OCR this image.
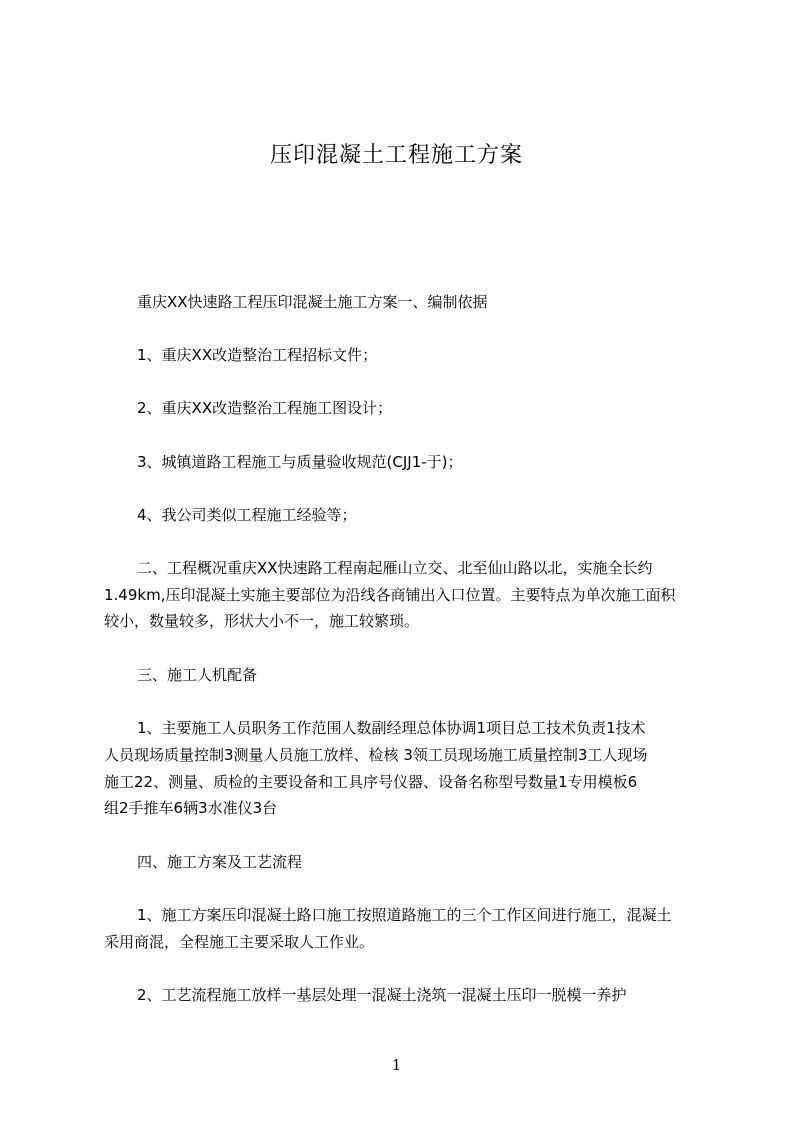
压印混凝土工程施工方案
重庆XX快速路工程压印混凝土施工方案一、编制依据
1、重庆XX改造整治工程招标文件；
2、重庆XX改造整治工程施工图设计；
3、城镇道路工程施工与质量验收规范(CJJ1-于)；
4、我公司类似工程施工经验等；
二、工程概况重庆XX快速路工程南起雁山立交、北至仙山路以北，实施全长约
1.49km,压印混凝土实施主要部位为沿线各商铺出入口位置。主要特点为单次施工面积
较小，数量较多，形状大小不一，施工较繁琐。
三、施工人机配备
1、主要施工人员职务工作范围人数副经理总体协调1项目总工技术负责1技术
人员现场质量控制3测量人员施工放样、检核 3领工员现场施工质量控制3工人现场
施工22、测量、质检的主要设备和工具序号仪器、设备名称型号数量1专用模板6
组2手推车6辆3水准仪3台
四、施工方案及工艺流程
1、施工方案压印混凝土路口施工按照道路施工的三个工作区间进行施工，混凝土
采用商混，全程施工主要采取人工作业。
2、工艺流程施工放样一基层处理一混凝土浇筑一混凝土压印一脱模一养护
1
